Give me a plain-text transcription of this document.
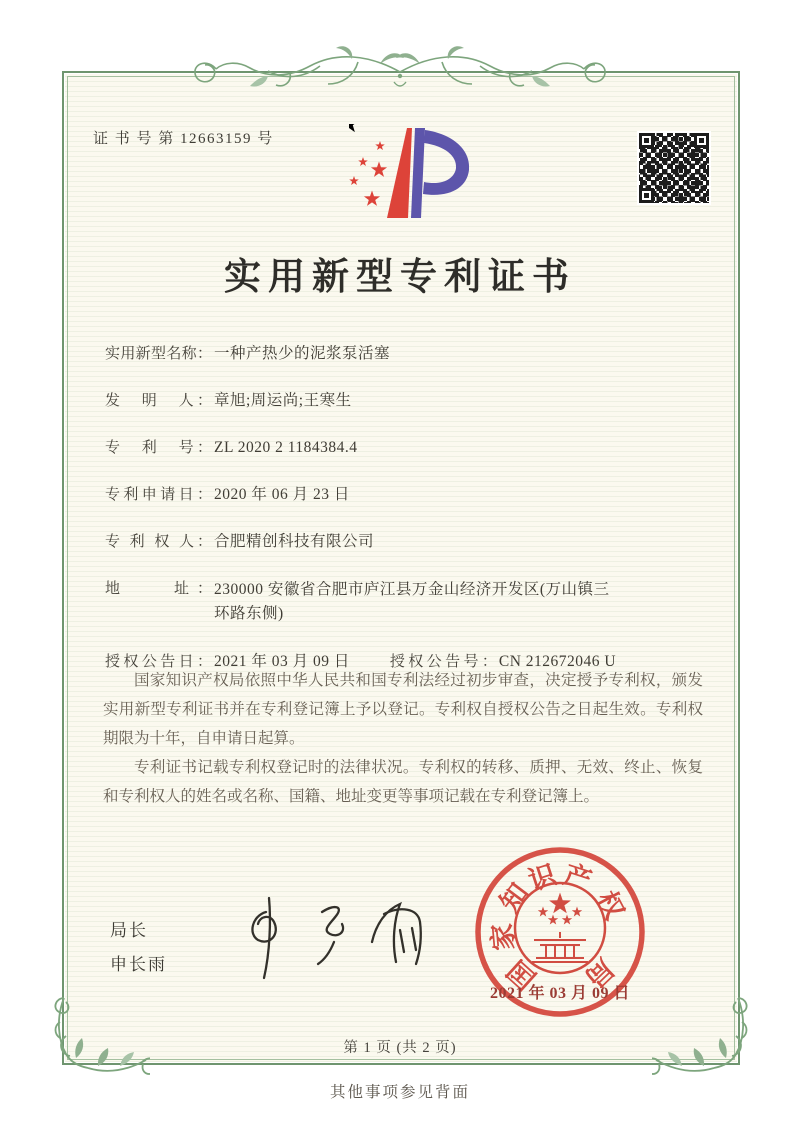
证 书 号 第 12663159 号
实用新型专利证书
实用新型名称： 一种产热少的泥浆泵活塞
发　明　人： 章旭;周运尚;王寒生
专　利　号： ZL 2020 2 1184384.4
专利申请日： 2020 年 06 月 23 日
专 利 权 人： 合肥精创科技有限公司
地　　址： 230000 安徽省合肥市庐江县万金山经济开发区(万山镇三
环路东侧)
授权公告日： 2021 年 03 月 09 日	授权公告号： CN 212672046 U

国家知识产权局依照中华人民共和国专利法经过初步审查，决定授予专利权，颁发实用新型专利证书并在专利登记簿上予以登记。专利权自授权公告之日起生效。专利权期限为十年，自申请日起算。

专利证书记载专利权登记时的法律状况。专利权的转移、质押、无效、终止、恢复和专利权人的姓名或名称、国籍、地址变更等事项记载在专利登记簿上。

局长
申长雨	国
家
知
识 产
权
局
2021 年 03 月 09 日
第 1 页 (共 2 页)
其他事项参见背面
